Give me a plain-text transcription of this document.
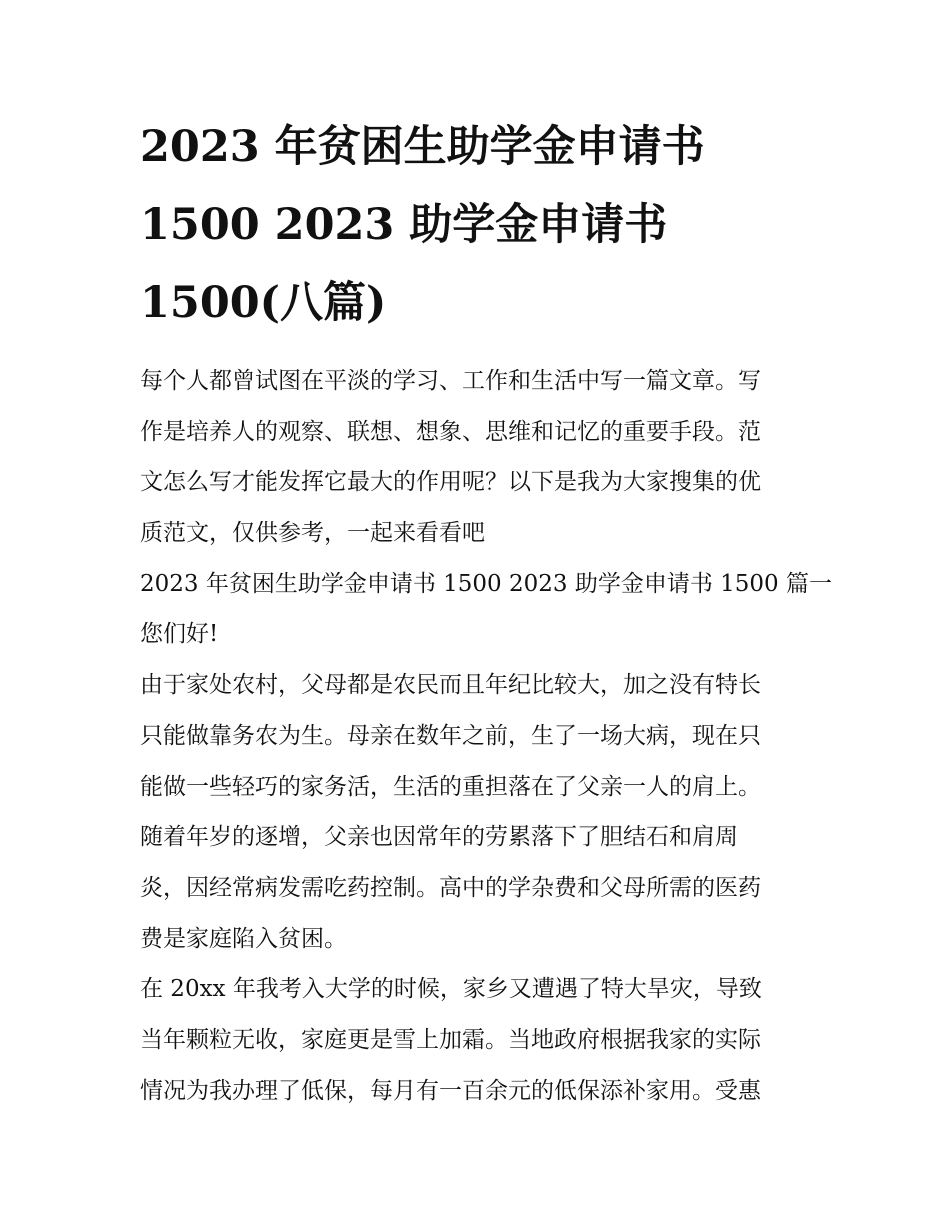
2023 年贫困生助学金申请书
1500 2023 助学金申请书
1500(八篇)
每个人都曾试图在平淡的学习、工作和生活中写一篇文章。写
作是培养人的观察、联想、想象、思维和记忆的重要手段。范
文怎么写才能发挥它最大的作用呢？以下是我为大家搜集的优
质范文，仅供参考，一起来看看吧
2023 年贫困生助学金申请书 1500 2023 助学金申请书 1500 篇一
您们好!
由于家处农村，父母都是农民而且年纪比较大，加之没有特长
只能做靠务农为生。母亲在数年之前，生了一场大病，现在只
能做一些轻巧的家务活，生活的重担落在了父亲一人的肩上。
随着年岁的逐增，父亲也因常年的劳累落下了胆结石和肩周
炎，因经常病发需吃药控制。高中的学杂费和父母所需的医药
费是家庭陷入贫困。
在 20xx 年我考入大学的时候，家乡又遭遇了特大旱灾，导致
当年颗粒无收，家庭更是雪上加霜。当地政府根据我家的实际
情况为我办理了低保，每月有一百余元的低保添补家用。受惠
